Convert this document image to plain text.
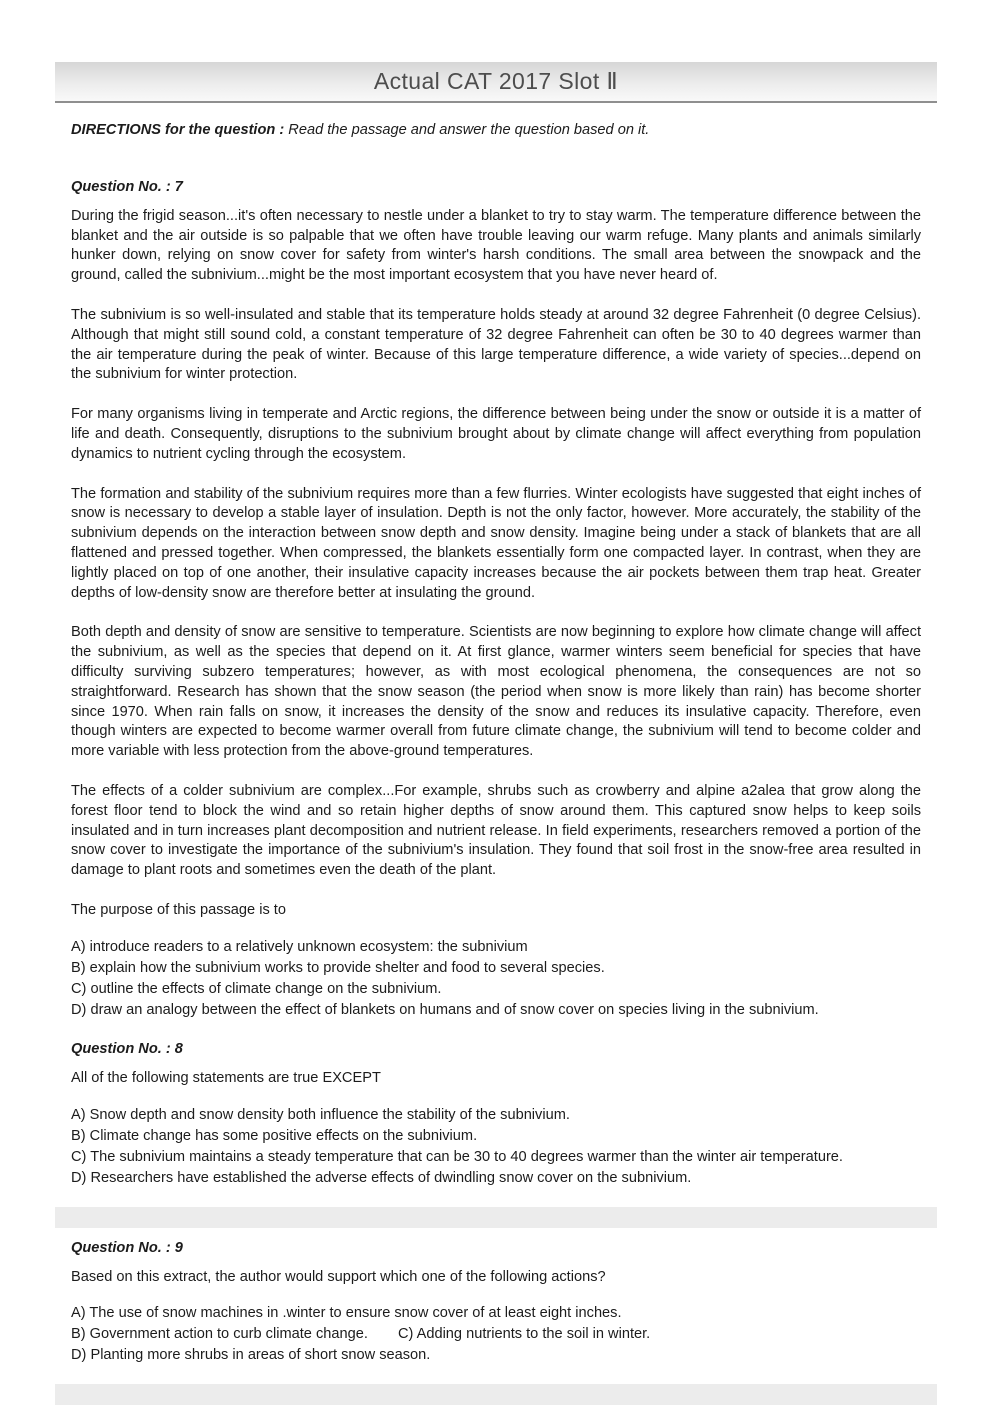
Actual CAT 2017 Slot Ⅱ

DIRECTIONS for the question : Read the passage and answer the question based on it.

Question No. : 7

During the frigid season...it's often necessary to nestle under a blanket to try to stay warm. The temperature difference between the blanket and the air outside is so palpable that we often have trouble leaving our warm refuge. Many plants and animals similarly hunker down, relying on snow cover for safety from winter's harsh conditions. The small area between the snowpack and the ground, called the subnivium...might be the most important ecosystem that you have never heard of.

The subnivium is so well-insulated and stable that its temperature holds steady at around 32 degree Fahrenheit (0 degree Celsius). Although that might still sound cold, a constant temperature of 32 degree Fahrenheit can often be 30 to 40 degrees warmer than the air temperature during the peak of winter. Because of this large temperature difference, a wide variety of species...depend on the subnivium for winter protection.

For many organisms living in temperate and Arctic regions, the difference between being under the snow or outside it is a matter of life and death. Consequently, disruptions to the subnivium brought about by climate change will affect everything from population dynamics to nutrient cycling through the ecosystem.

The formation and stability of the subnivium requires more than a few flurries. Winter ecologists have suggested that eight inches of snow is necessary to develop a stable layer of insulation. Depth is not the only factor, however. More accurately, the stability of the subnivium depends on the interaction between snow depth and snow density. Imagine being under a stack of blankets that are all flattened and pressed together. When compressed, the blankets essentially form one compacted layer. In contrast, when they are lightly placed on top of one another, their insulative capacity increases because the air pockets between them trap heat. Greater depths of low-density snow are therefore better at insulating the ground.

Both depth and density of snow are sensitive to temperature. Scientists are now beginning to explore how climate change will affect the subnivium, as well as the species that depend on it. At first glance, warmer winters seem beneficial for species that have difficulty surviving subzero temperatures; however, as with most ecological phenomena, the consequences are not so straightforward. Research has shown that the snow season (the period when snow is more likely than rain) has become shorter since 1970. When rain falls on snow, it increases the density of the snow and reduces its insulative capacity. Therefore, even though winters are expected to become warmer overall from future climate change, the subnivium will tend to become colder and more variable with less protection from the above-ground temperatures.

The effects of a colder subnivium are complex...For example, shrubs such as crowberry and alpine a2alea that grow along the forest floor tend to block the wind and so retain higher depths of snow around them. This captured snow helps to keep soils insulated and in turn increases plant decomposition and nutrient release. In field experiments, researchers removed a portion of the snow cover to investigate the importance of the subnivium's insulation. They found that soil frost in the snow-free area resulted in damage to plant roots and sometimes even the death of the plant.

The purpose of this passage is to

A) introduce readers to a relatively unknown ecosystem: the subnivium

B) explain how the subnivium works to provide shelter and food to several species.

C) outline the effects of climate change on the subnivium.

D) draw an analogy between the effect of blankets on humans and of snow cover on species living in the subnivium.

Question No. : 8

All of the following statements are true EXCEPT

A) Snow depth and snow density both influence the stability of the subnivium.

B) Climate change has some positive effects on the subnivium.

C) The subnivium maintains a steady temperature that can be 30 to 40 degrees warmer than the winter air temperature.

D) Researchers have established the adverse effects of dwindling snow cover on the subnivium.

Question No. : 9

Based on this extract, the author would support which one of the following actions?

A) The use of snow machines in .winter to ensure snow cover of at least eight inches.

B) Government action to curb climate change. C) Adding nutrients to the soil in winter.

D) Planting more shrubs in areas of short snow season.
